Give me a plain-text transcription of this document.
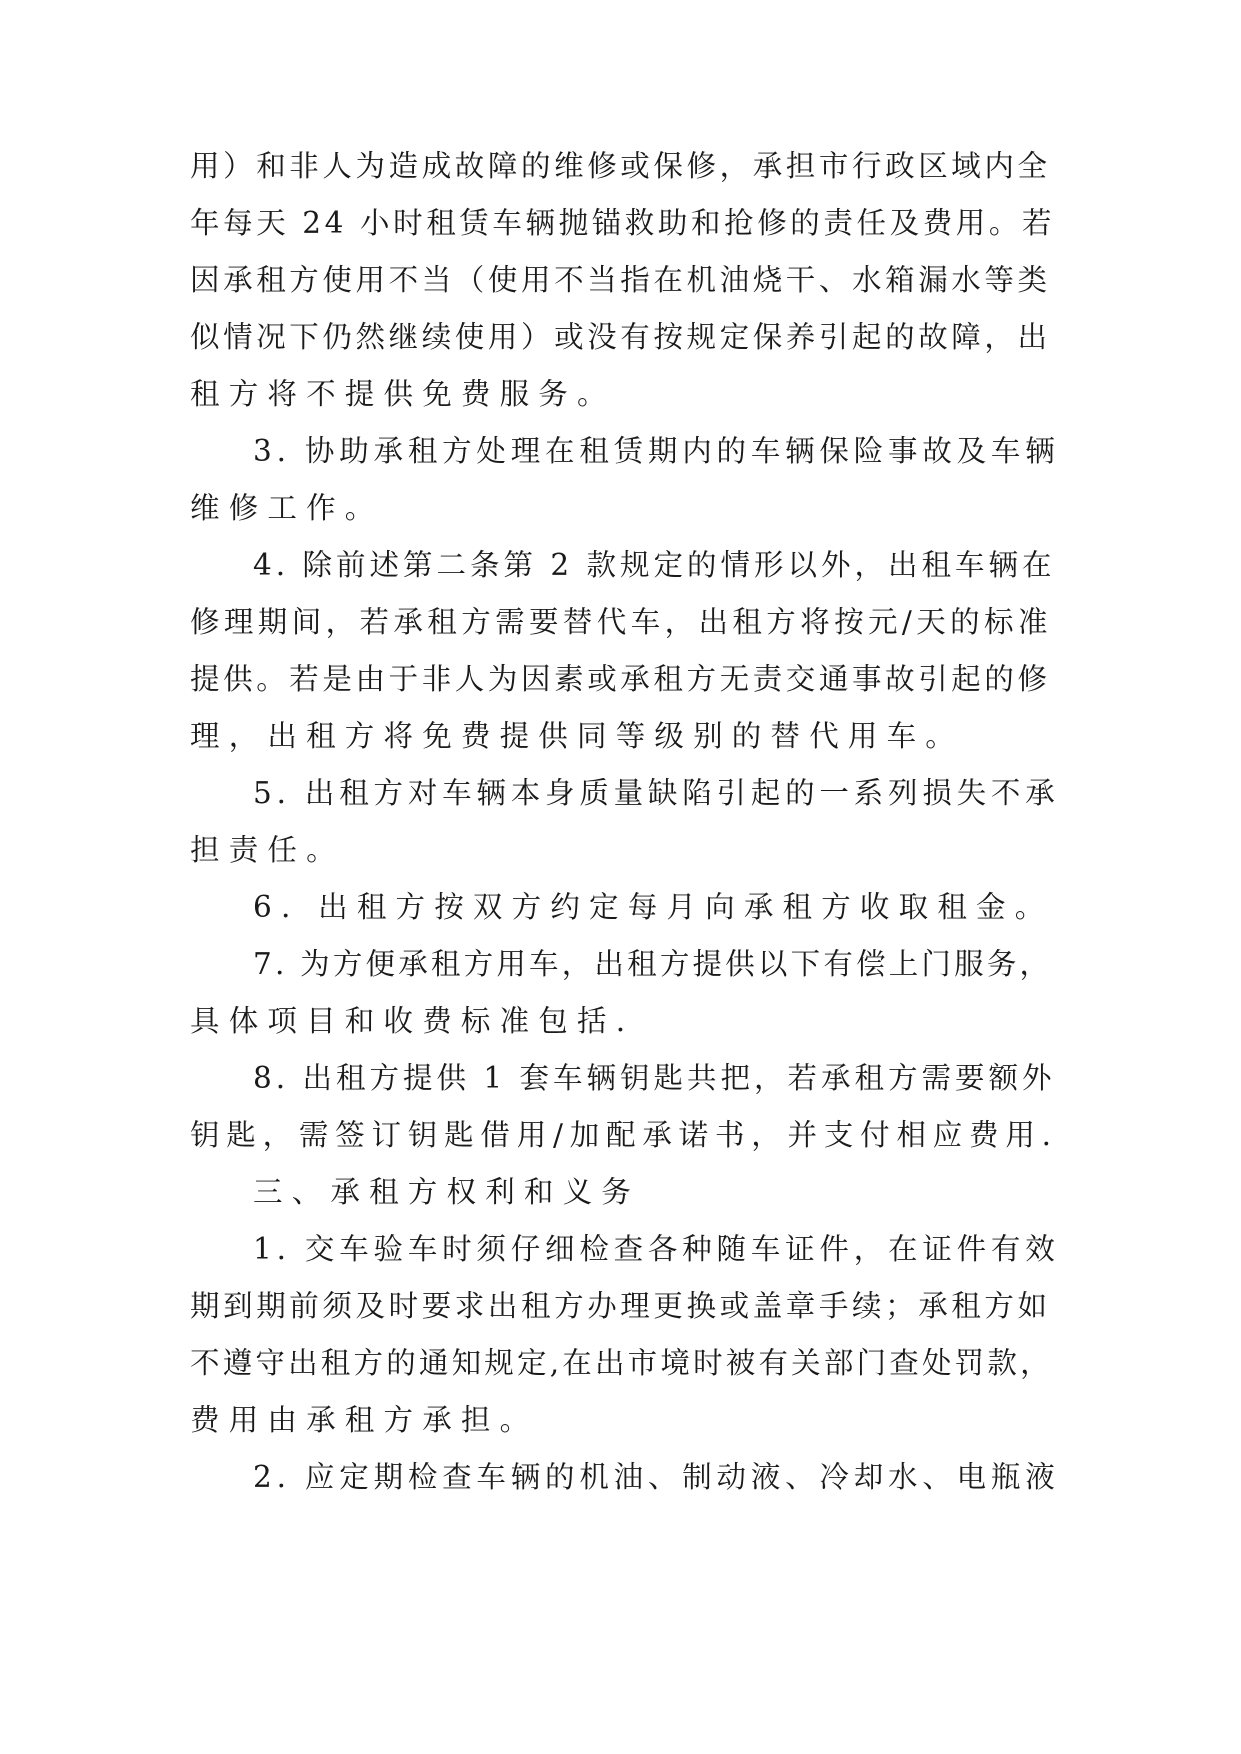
用）和非人为造成故障的维修或保修，承担市行政区域内全
年每天 24 小时租赁车辆抛锚救助和抢修的责任及费用。若
因承租方使用不当（使用不当指在机油烧干、水箱漏水等类
似情况下仍然继续使用）或没有按规定保养引起的故障，出
租方将不提供免费服务。
3. 协助承租方处理在租赁期内的车辆保险事故及车辆
维修工作。
4. 除前述第二条第 2 款规定的情形以外，出租车辆在
修理期间，若承租方需要替代车，出租方将按元/天的标准
提供。若是由于非人为因素或承租方无责交通事故引起的修
理，出租方将免费提供同等级别的替代用车。
5. 出租方对车辆本身质量缺陷引起的一系列损失不承
担责任。
6. 出租方按双方约定每月向承租方收取租金。
7. 为方便承租方用车，出租方提供以下有偿上门服务，
具体项目和收费标准包括.
8. 出租方提供 1 套车辆钥匙共把，若承租方需要额外
钥匙，需签订钥匙借用/加配承诺书，并支付相应费用.
三、承租方权利和义务
1. 交车验车时须仔细检查各种随车证件，在证件有效
期到期前须及时要求出租方办理更换或盖章手续；承租方如
不遵守出租方的通知规定,在出市境时被有关部门查处罚款，
费用由承租方承担。
2. 应定期检查车辆的机油、制动液、冷却水、电瓶液
